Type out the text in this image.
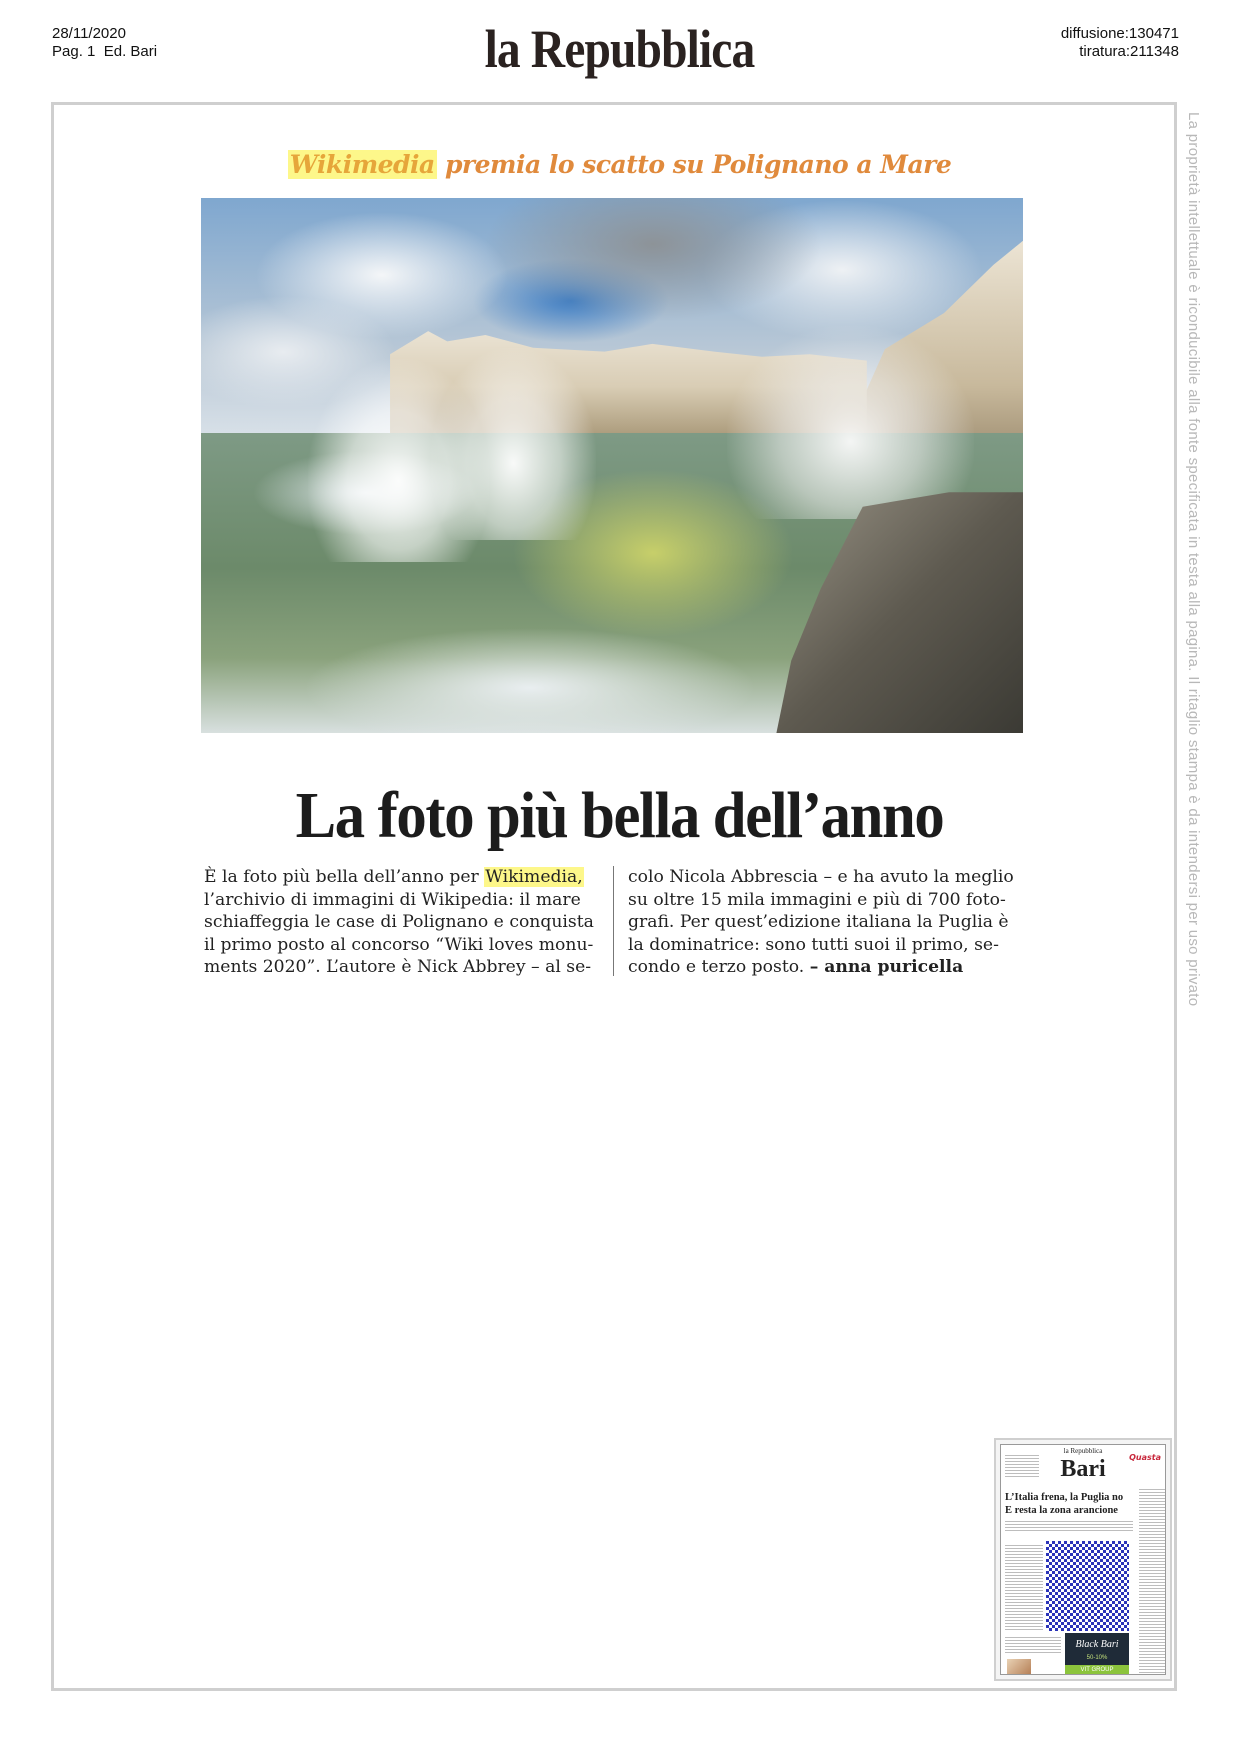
28/11/2020
Pag. 1 Ed. Bari	la Repubblica	diffusione:130471
tiratura:211348
La proprietà intellettuale è riconducibile alla fonte specificata in testa alla pagina. Il ritaglio stampa è da intendersi per uso privato
Wikimedia premia lo scatto su Polignano a Mare
La foto più bella dell’anno

È la foto più bella dell’anno per Wikimedia,

l’archivio di immagini di Wikipedia: il mare

schiaffeggia le case di Polignano e conquista

il primo posto al concorso “Wiki loves monu-

ments 2020”. L’autore è Nick Abbrey – al se-

colo Nicola Abbrescia – e ha avuto la meglio

su oltre 15 mila immagini e più di 700 foto-

grafi. Per quest’edizione italiana la Puglia è

la dominatrice: sono tutti suoi il primo, se-

condo e terzo posto. – anna puricella

la Repubblica
Bari	Quasta
L’Italia frena, la Puglia no
E resta la zona arancione
Black Bari
50-10%
VIT GROUP
